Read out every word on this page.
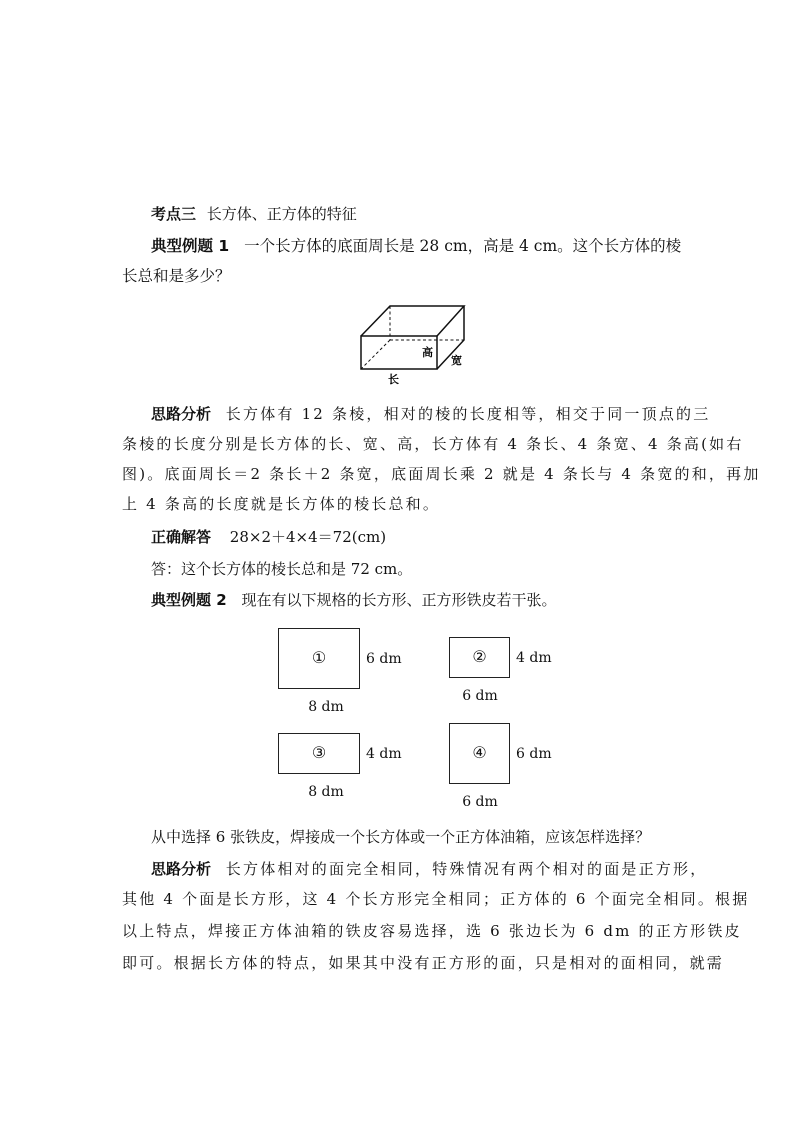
考点三 长方体、正方体的特征
典型例题 1 一个长方体的底面周长是 28 cm，高是 4 cm。这个长方体的棱
长总和是多少？
高
宽
长
思路分析 长方体有 12 条棱，相对的棱的长度相等，相交于同一顶点的三
条棱的长度分别是长方体的长、宽、高，长方体有 4 条长、4 条宽、4 条高(如右
图)。底面周长＝2 条长＋2 条宽，底面周长乘 2 就是 4 条长与 4 条宽的和，再加
上 4 条高的长度就是长方体的棱长总和。
正确解答 28×2＋4×4＝72(cm)
答：这个长方体的棱长总和是 72 cm。
典型例题 2 现在有以下规格的长方形、正方形铁皮若干张。
①	6 dm
8 dm
②	4 dm
6 dm
③	4 dm
8 dm
④	6 dm
6 dm
从中选择 6 张铁皮，焊接成一个长方体或一个正方体油箱，应该怎样选择？
思路分析 长方体相对的面完全相同，特殊情况有两个相对的面是正方形，
其他 4 个面是长方形，这 4 个长方形完全相同；正方体的 6 个面完全相同。根据
以上特点，焊接正方体油箱的铁皮容易选择，选 6 张边长为 6 dm 的正方形铁皮
即可。根据长方体的特点，如果其中没有正方形的面，只是相对的面相同，就需
